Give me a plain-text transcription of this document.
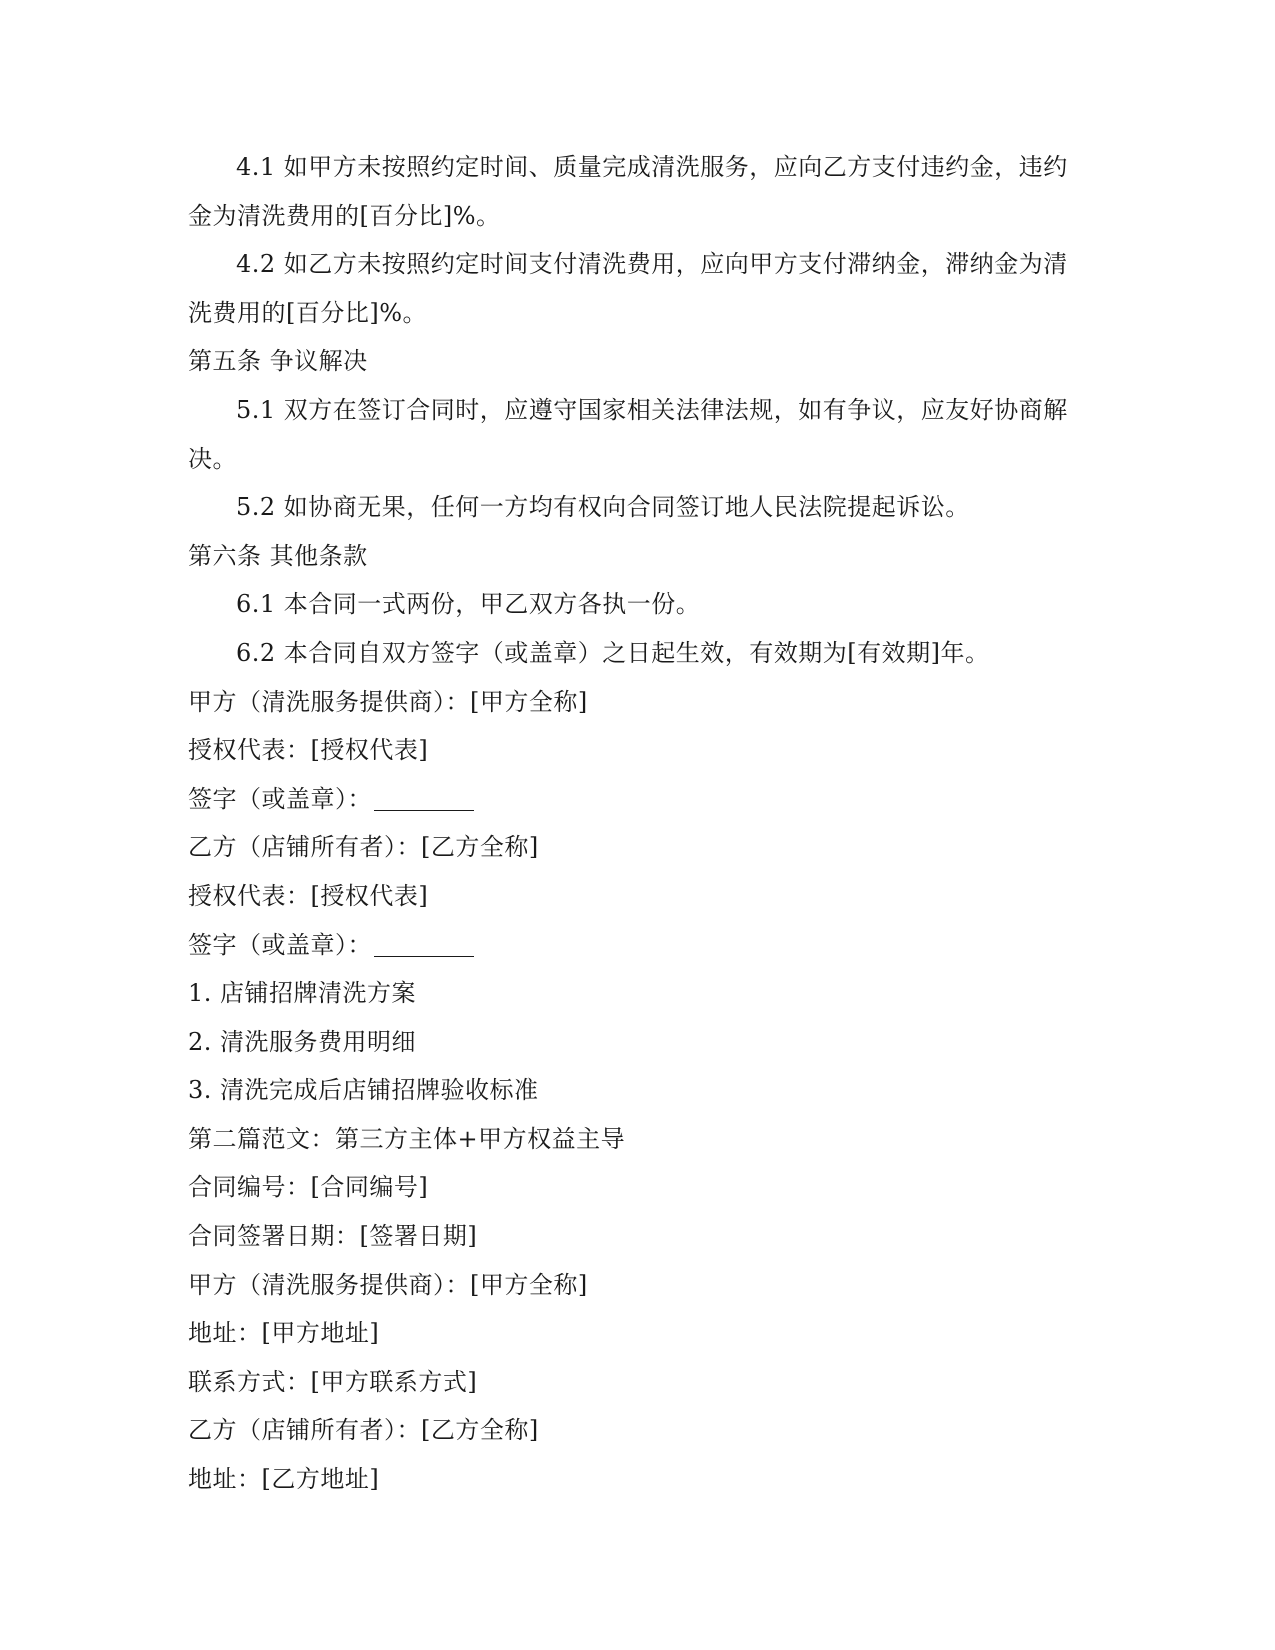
4.1 如甲方未按照约定时间、质量完成清洗服务，应向乙方支付违约金，违约

金为清洗费用的[百分比]%。

4.2 如乙方未按照约定时间支付清洗费用，应向甲方支付滞纳金，滞纳金为清

洗费用的[百分比]%。

第五条 争议解决

5.1 双方在签订合同时，应遵守国家相关法律法规，如有争议，应友好协商解

决。

5.2 如协商无果，任何一方均有权向合同签订地人民法院提起诉讼。

第六条 其他条款

6.1 本合同一式两份，甲乙双方各执一份。

6.2 本合同自双方签字（或盖章）之日起生效，有效期为[有效期]年。

甲方（清洗服务提供商）：[甲方全称]

授权代表：[授权代表]

签字（或盖章）：

乙方（店铺所有者）：[乙方全称]

授权代表：[授权代表]

签字（或盖章）：

1. 店铺招牌清洗方案

2. 清洗服务费用明细

3. 清洗完成后店铺招牌验收标准

第二篇范文：第三方主体+甲方权益主导

合同编号：[合同编号]

合同签署日期：[签署日期]

甲方（清洗服务提供商）：[甲方全称]

地址：[甲方地址]

联系方式：[甲方联系方式]

乙方（店铺所有者）：[乙方全称]

地址：[乙方地址]
